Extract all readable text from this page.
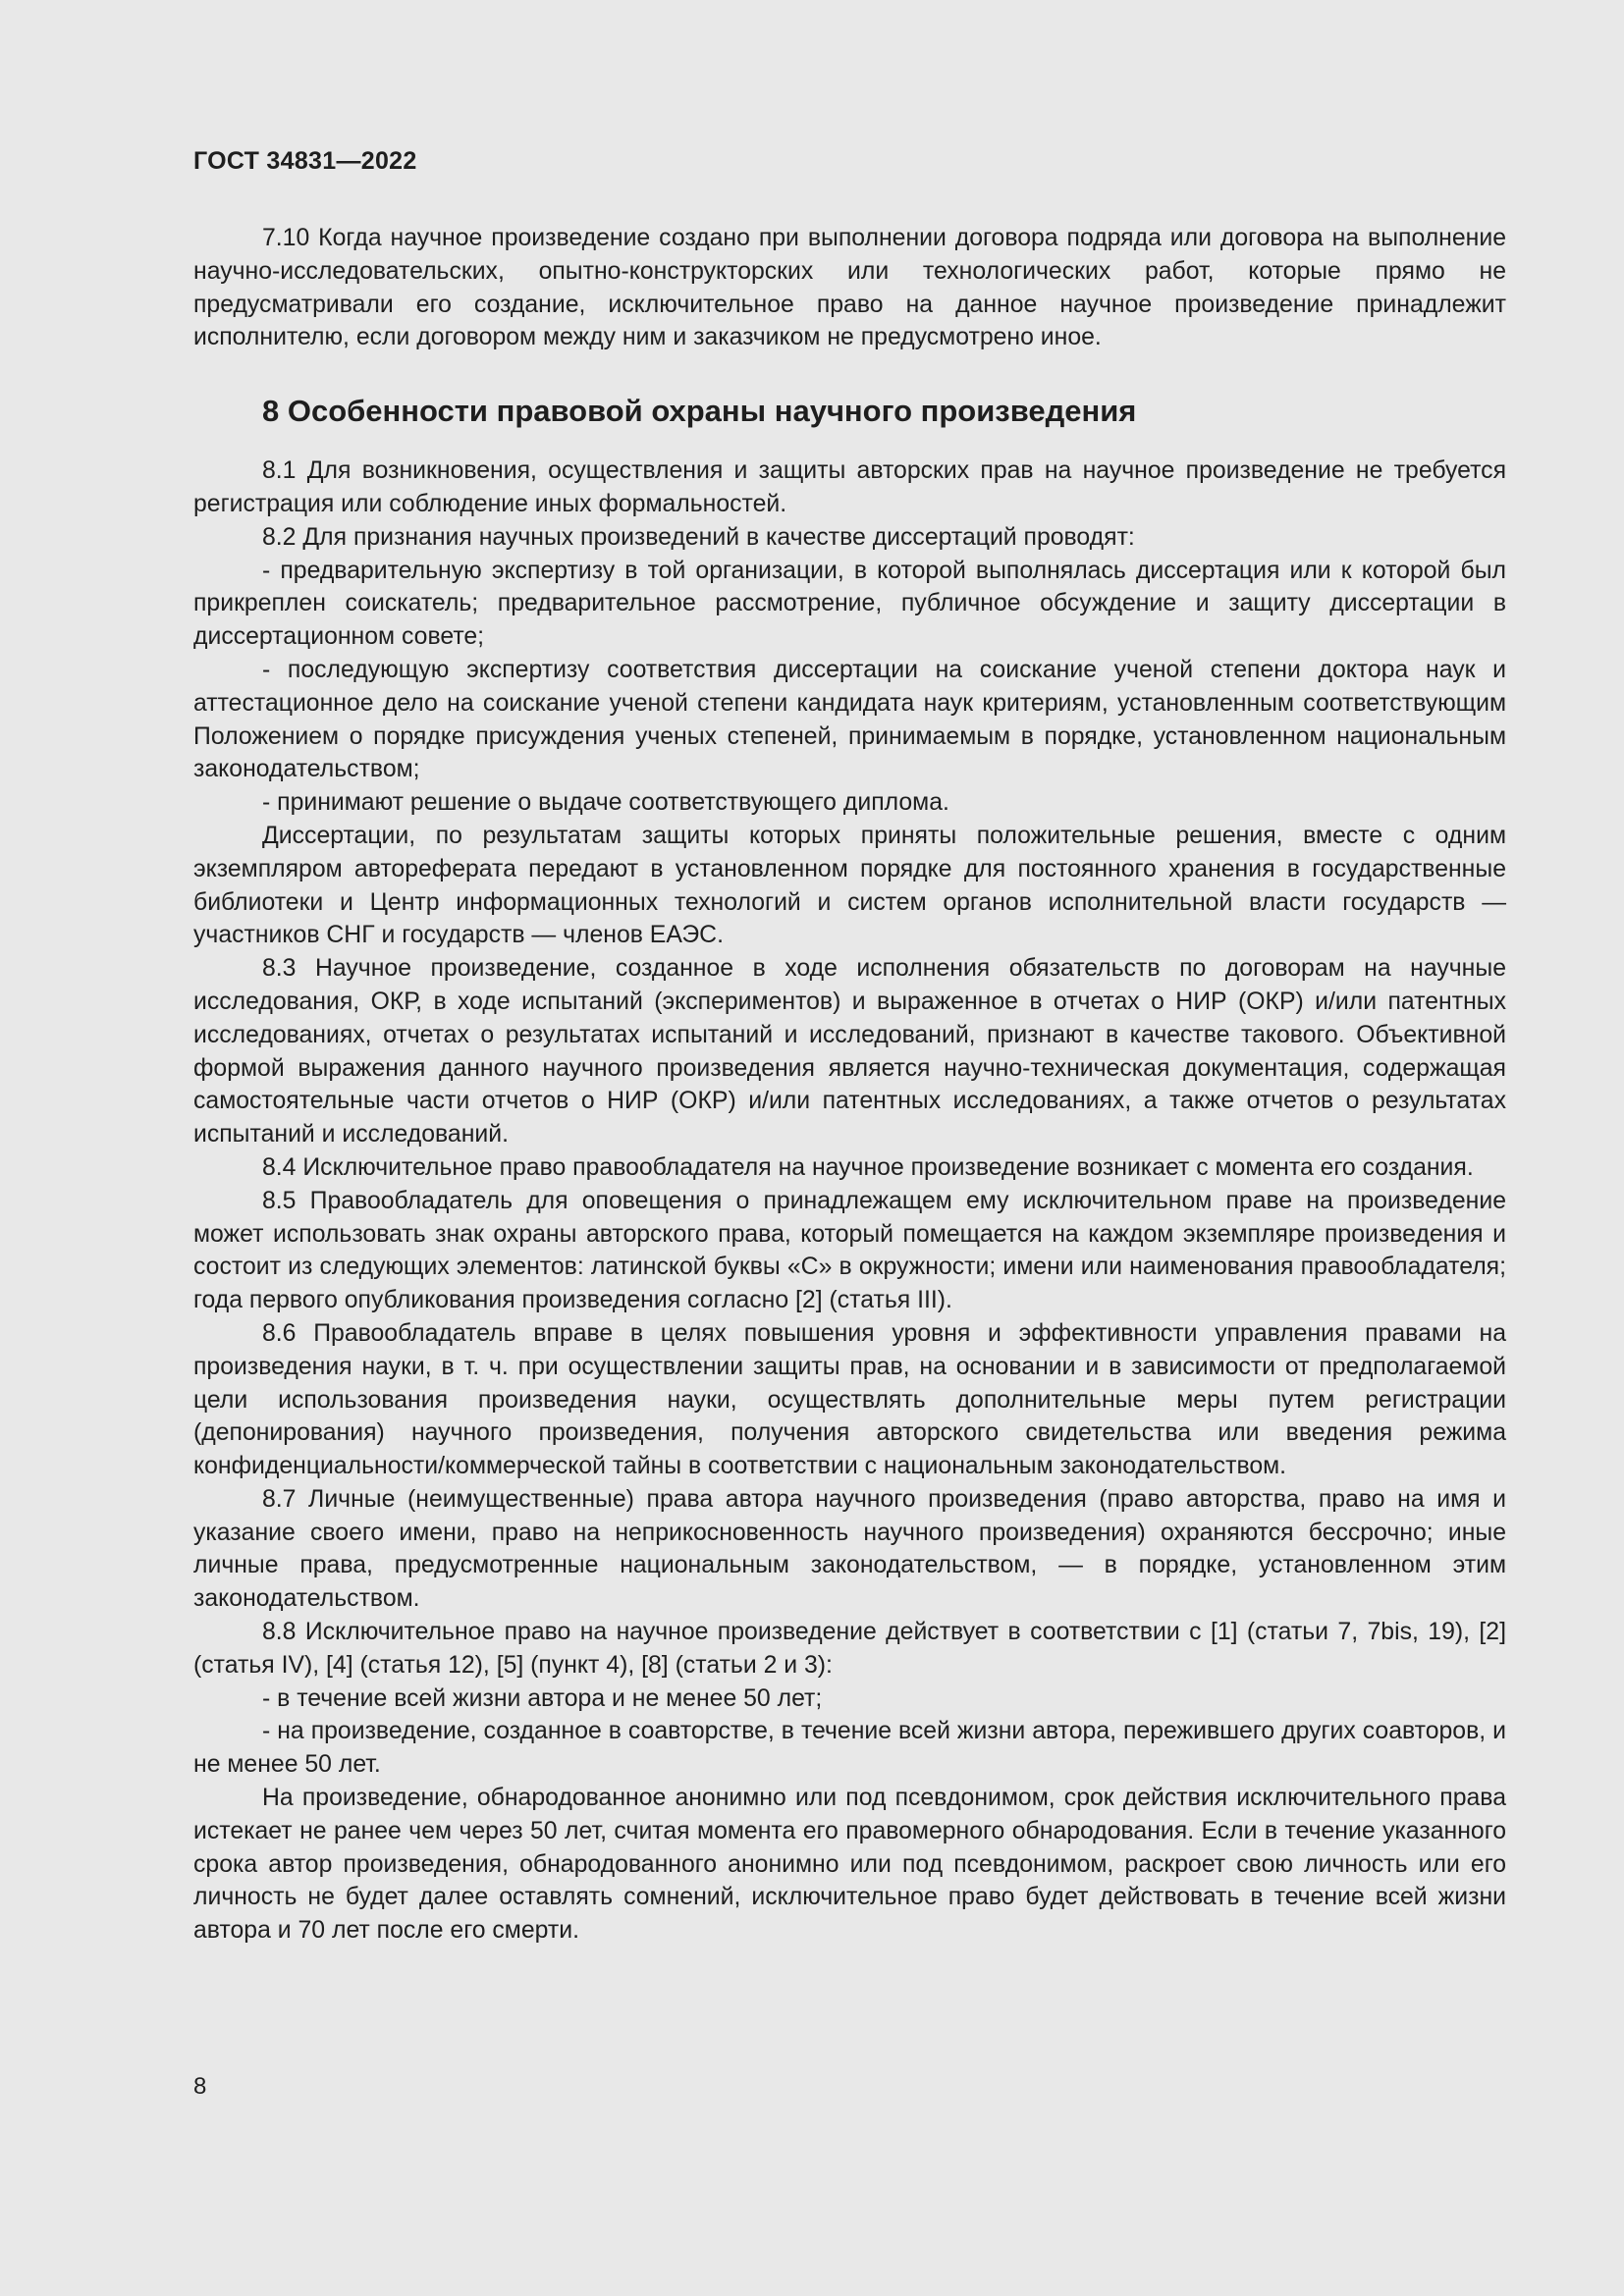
ГОСТ 34831—2022

7.10 Когда научное произведение создано при выполнении договора подряда или договора на выполнение научно-исследовательских, опытно-конструкторских или технологических работ, которые прямо не предусматривали его создание, исключительное право на данное научное произведение принадлежит исполнителю, если договором между ним и заказчиком не предусмотрено иное.

8 Особенности правовой охраны научного произведения

8.1 Для возникновения, осуществления и защиты авторских прав на научное произведение не требуется регистрация или соблюдение иных формальностей.

8.2 Для признания научных произведений в качестве диссертаций проводят:

- предварительную экспертизу в той организации, в которой выполнялась диссертация или к которой был прикреплен соискатель; предварительное рассмотрение, публичное обсуждение и защиту диссертации в диссертационном совете;

- последующую экспертизу соответствия диссертации на соискание ученой степени доктора наук и аттестационное дело на соискание ученой степени кандидата наук критериям, установленным соответствующим Положением о порядке присуждения ученых степеней, принимаемым в порядке, установленном национальным законодательством;

- принимают решение о выдаче соответствующего диплома.

Диссертации, по результатам защиты которых приняты положительные решения, вместе с одним экземпляром автореферата передают в установленном порядке для постоянного хранения в государственные библиотеки и Центр информационных технологий и систем органов исполнительной власти государств — участников СНГ и государств — членов ЕАЭС.

8.3 Научное произведение, созданное в ходе исполнения обязательств по договорам на научные исследования, ОКР, в ходе испытаний (экспериментов) и выраженное в отчетах о НИР (ОКР) и/или патентных исследованиях, отчетах о результатах испытаний и исследований, признают в качестве такового. Объективной формой выражения данного научного произведения является научно-техническая документация, содержащая самостоятельные части отчетов о НИР (ОКР) и/или патентных исследованиях, а также отчетов о результатах испытаний и исследований.

8.4 Исключительное право правообладателя на научное произведение возникает с момента его создания.

8.5 Правообладатель для оповещения о принадлежащем ему исключительном праве на произведение может использовать знак охраны авторского права, который помещается на каждом экземпляре произведения и состоит из следующих элементов: латинской буквы «С» в окружности; имени или наименования правообладателя; года первого опубликования произведения согласно [2] (статья III).

8.6 Правообладатель вправе в целях повышения уровня и эффективности управления правами на произведения науки, в т. ч. при осуществлении защиты прав, на основании и в зависимости от предполагаемой цели использования произведения науки, осуществлять дополнительные меры путем регистрации (депонирования) научного произведения, получения авторского свидетельства или введения режима конфиденциальности/коммерческой тайны в соответствии с национальным законодательством.

8.7 Личные (неимущественные) права автора научного произведения (право авторства, право на имя и указание своего имени, право на неприкосновенность научного произведения) охраняются бессрочно; иные личные права, предусмотренные национальным законодательством, — в порядке, установленном этим законодательством.

8.8 Исключительное право на научное произведение действует в соответствии с [1] (статьи 7, 7bis, 19), [2] (статья IV), [4] (статья 12), [5] (пункт 4), [8] (статьи 2 и 3):

- в течение всей жизни автора и не менее 50 лет;

- на произведение, созданное в соавторстве, в течение всей жизни автора, пережившего других соавторов, и не менее 50 лет.

На произведение, обнародованное анонимно или под псевдонимом, срок действия исключительного права истекает не ранее чем через 50 лет, считая момента его правомерного обнародования. Если в течение указанного срока автор произведения, обнародованного анонимно или под псевдонимом, раскроет свою личность или его личность не будет далее оставлять сомнений, исключительное право будет действовать в течение всей жизни автора и 70 лет после его смерти.

8
